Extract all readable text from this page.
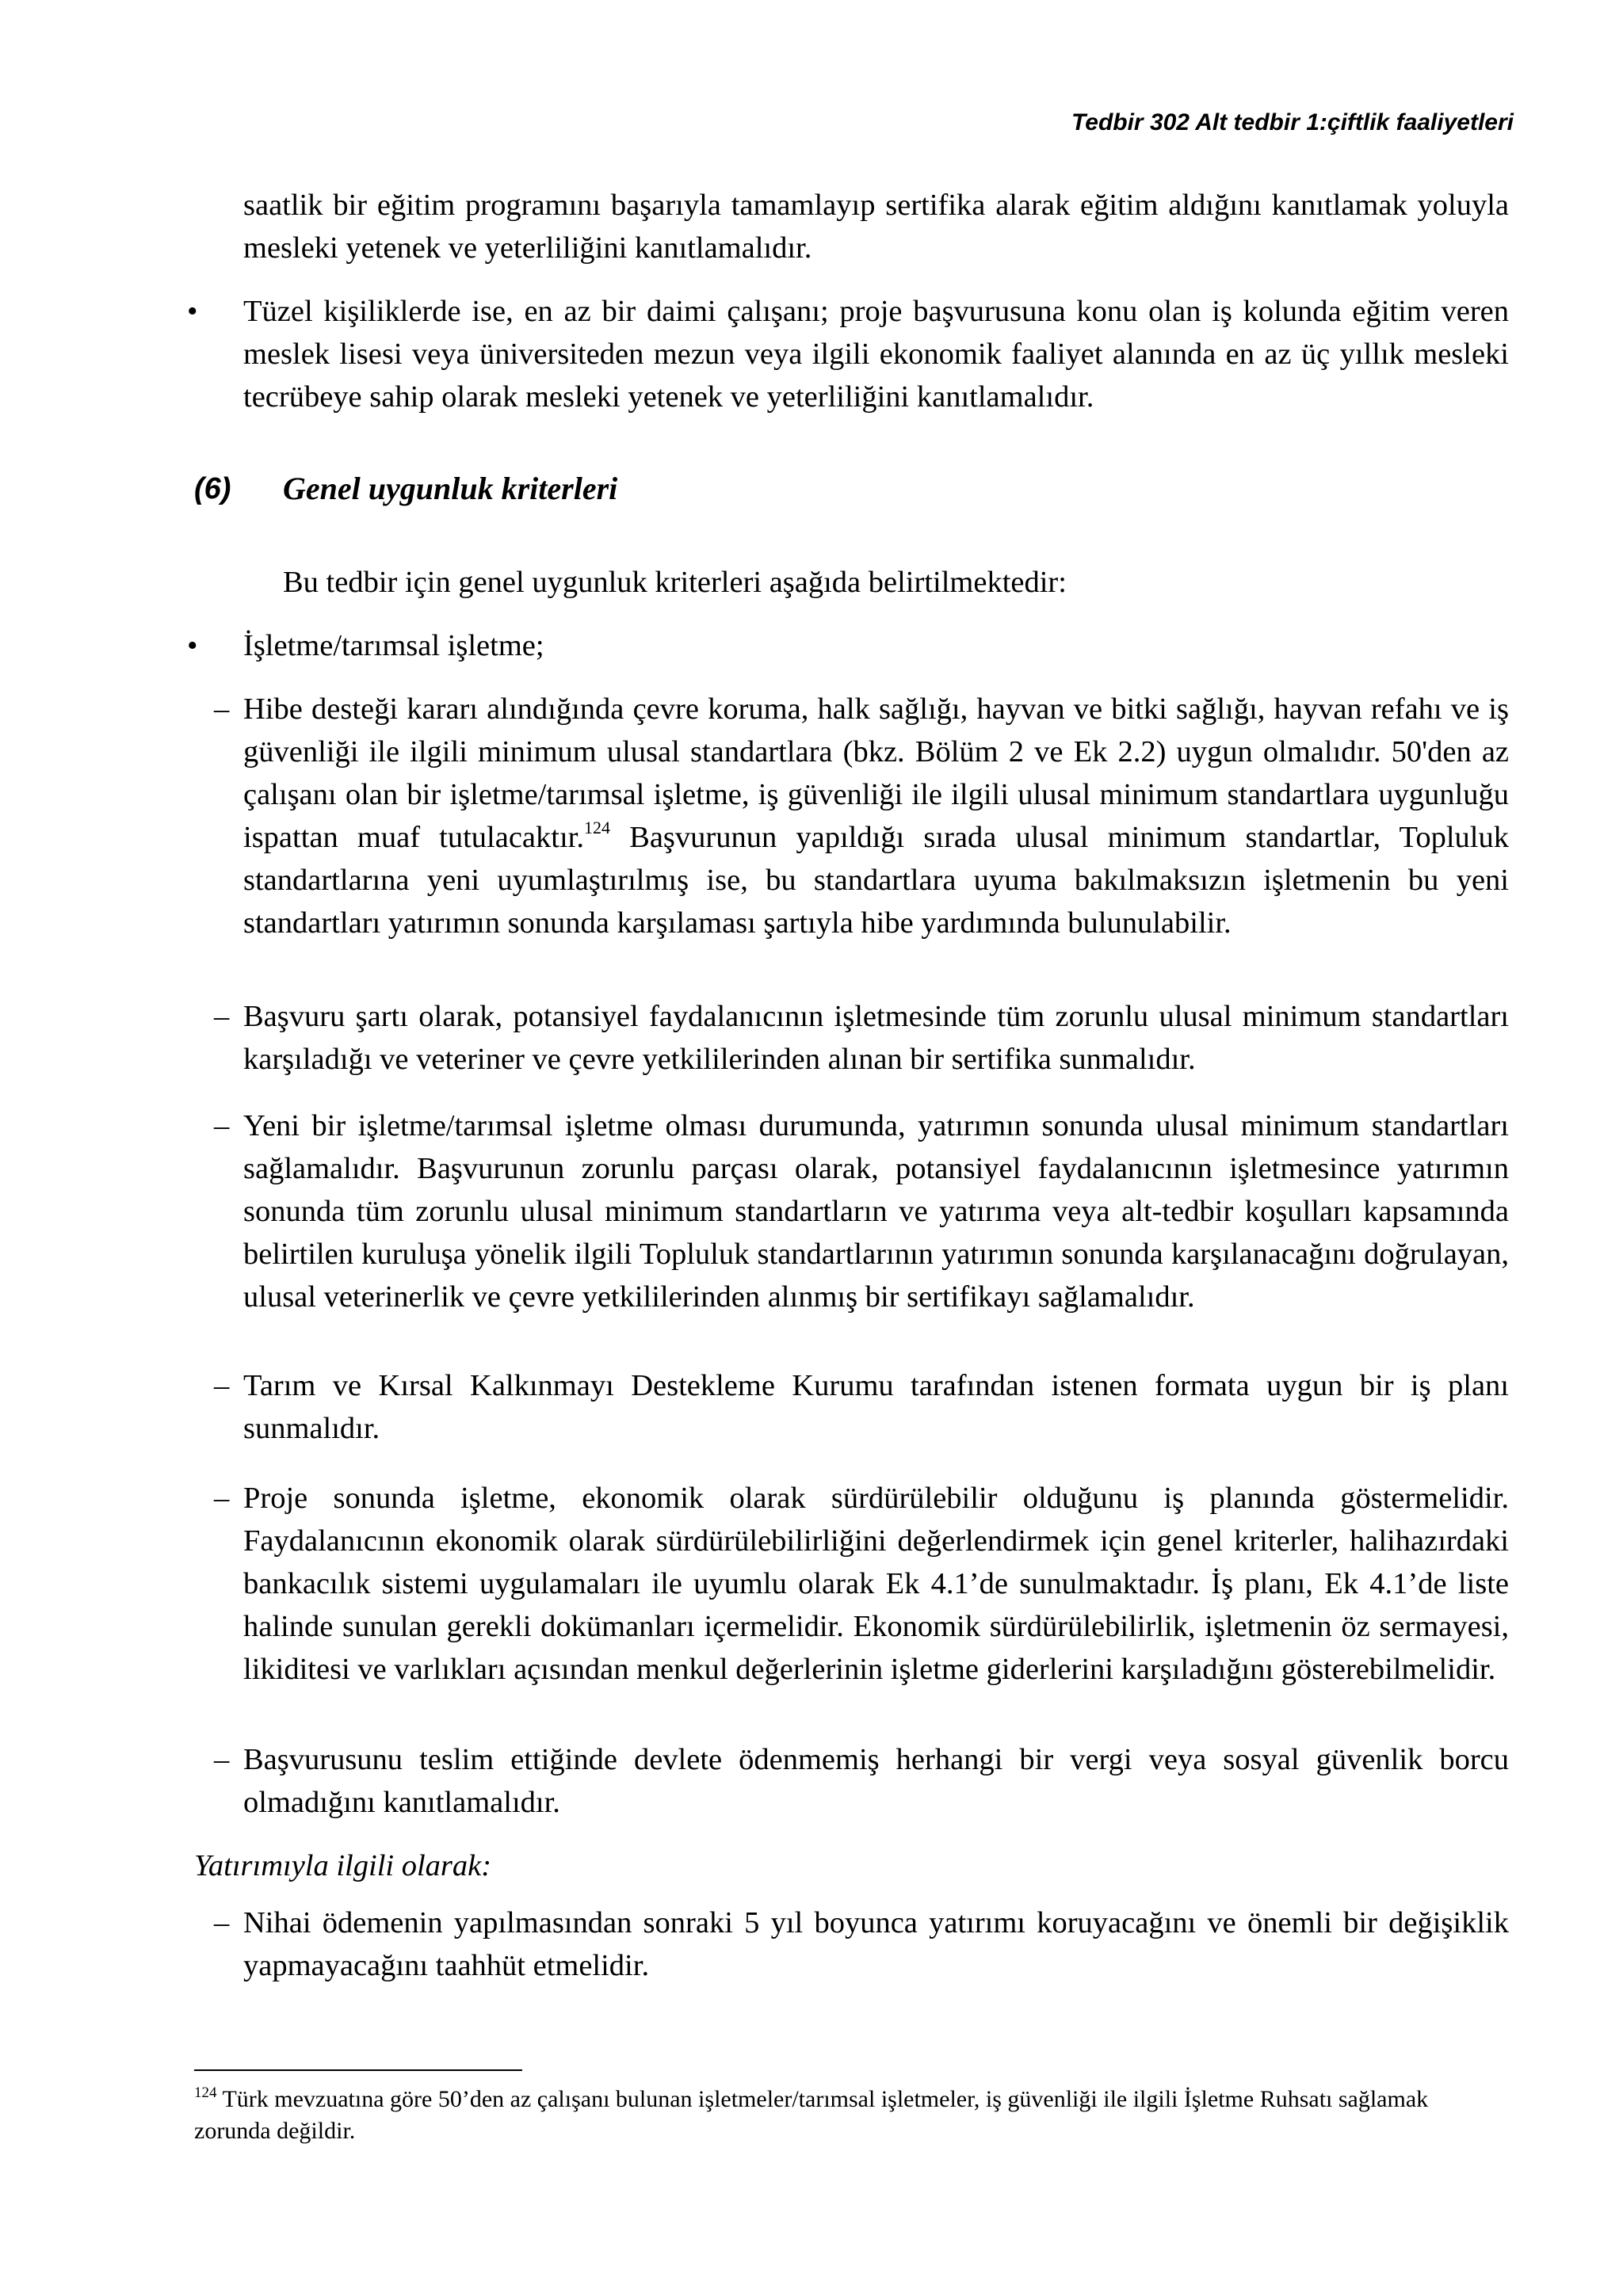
Tedbir 302 Alt tedbir 1:çiftlik faaliyetleri
saatlik bir eğitim programını başarıyla tamamlayıp sertifika alarak eğitim aldığını kanıtlamak yoluyla mesleki yetenek ve yeterliliğini kanıtlamalıdır.
• Tüzel kişiliklerde ise, en az bir daimi çalışanı; proje başvurusuna konu olan iş kolunda eğitim veren meslek lisesi veya üniversiteden mezun veya ilgili ekonomik faaliyet alanında en az üç yıllık mesleki tecrübeye sahip olarak mesleki yetenek ve yeterliliğini kanıtlamalıdır.
(6) Genel uygunluk kriterleri
Bu tedbir için genel uygunluk kriterleri aşağıda belirtilmektedir:
• İşletme/tarımsal işletme;
– Hibe desteği kararı alındığında çevre koruma, halk sağlığı, hayvan ve bitki sağlığı, hayvan refahı ve iş güvenliği ile ilgili minimum ulusal standartlara (bkz. Bölüm 2 ve Ek 2.2) uygun olmalıdır. 50'den az çalışanı olan bir işletme/tarımsal işletme, iş güvenliği ile ilgili ulusal minimum standartlara uygunluğu ispattan muaf tutulacaktır.$^{124}$ Başvurunun yapıldığı sırada ulusal minimum standartlar, Topluluk standartlarına yeni uyumlaştırılmış ise, bu standartlara uyuma bakılmaksızın işletmenin bu yeni standartları yatırımın sonunda karşılaması şartıyla hibe yardımında bulunulabilir.
– Başvuru şartı olarak, potansiyel faydalanıcının işletmesinde tüm zorunlu ulusal minimum standartları karşıladığı ve veteriner ve çevre yetkililerinden alınan bir sertifika sunmalıdır.
– Yeni bir işletme/tarımsal işletme olması durumunda, yatırımın sonunda ulusal minimum standartları sağlamalıdır. Başvurunun zorunlu parçası olarak, potansiyel faydalanıcının işletmesince yatırımın sonunda tüm zorunlu ulusal minimum standartların ve yatırıma veya alt-tedbir koşulları kapsamında belirtilen kuruluşa yönelik ilgili Topluluk standartlarının yatırımın sonunda karşılanacağını doğrulayan, ulusal veterinerlik ve çevre yetkililerinden alınmış bir sertifikayı sağlamalıdır.
– Tarım ve Kırsal Kalkınmayı Destekleme Kurumu tarafından istenen formata uygun bir iş planı sunmalıdır.
– Proje sonunda işletme, ekonomik olarak sürdürülebilir olduğunu iş planında göstermelidir. Faydalanıcının ekonomik olarak sürdürülebilirliğini değerlendirmek için genel kriterler, halihazırdaki bankacılık sistemi uygulamaları ile uyumlu olarak Ek 4.1’de sunulmaktadır. İş planı, Ek 4.1’de liste halinde sunulan gerekli dokümanları içermelidir. Ekonomik sürdürülebilirlik, işletmenin öz sermayesi, likiditesi ve varlıkları açısından menkul değerlerinin işletme giderlerini karşıladığını gösterebilmelidir.
– Başvurusunu teslim ettiğinde devlete ödenmemiş herhangi bir vergi veya sosyal güvenlik borcu olmadığını kanıtlamalıdır.
Yatırımıyla ilgili olarak:
– Nihai ödemenin yapılmasından sonraki 5 yıl boyunca yatırımı koruyacağını ve önemli bir değişiklik yapmayacağını taahhüt etmelidir.
$^{124}$ Türk mevzuatına göre 50’den az çalışanı bulunan işletmeler/tarımsal işletmeler, iş güvenliği ile ilgili İşletme Ruhsatı sağlamak zorunda değildir.
